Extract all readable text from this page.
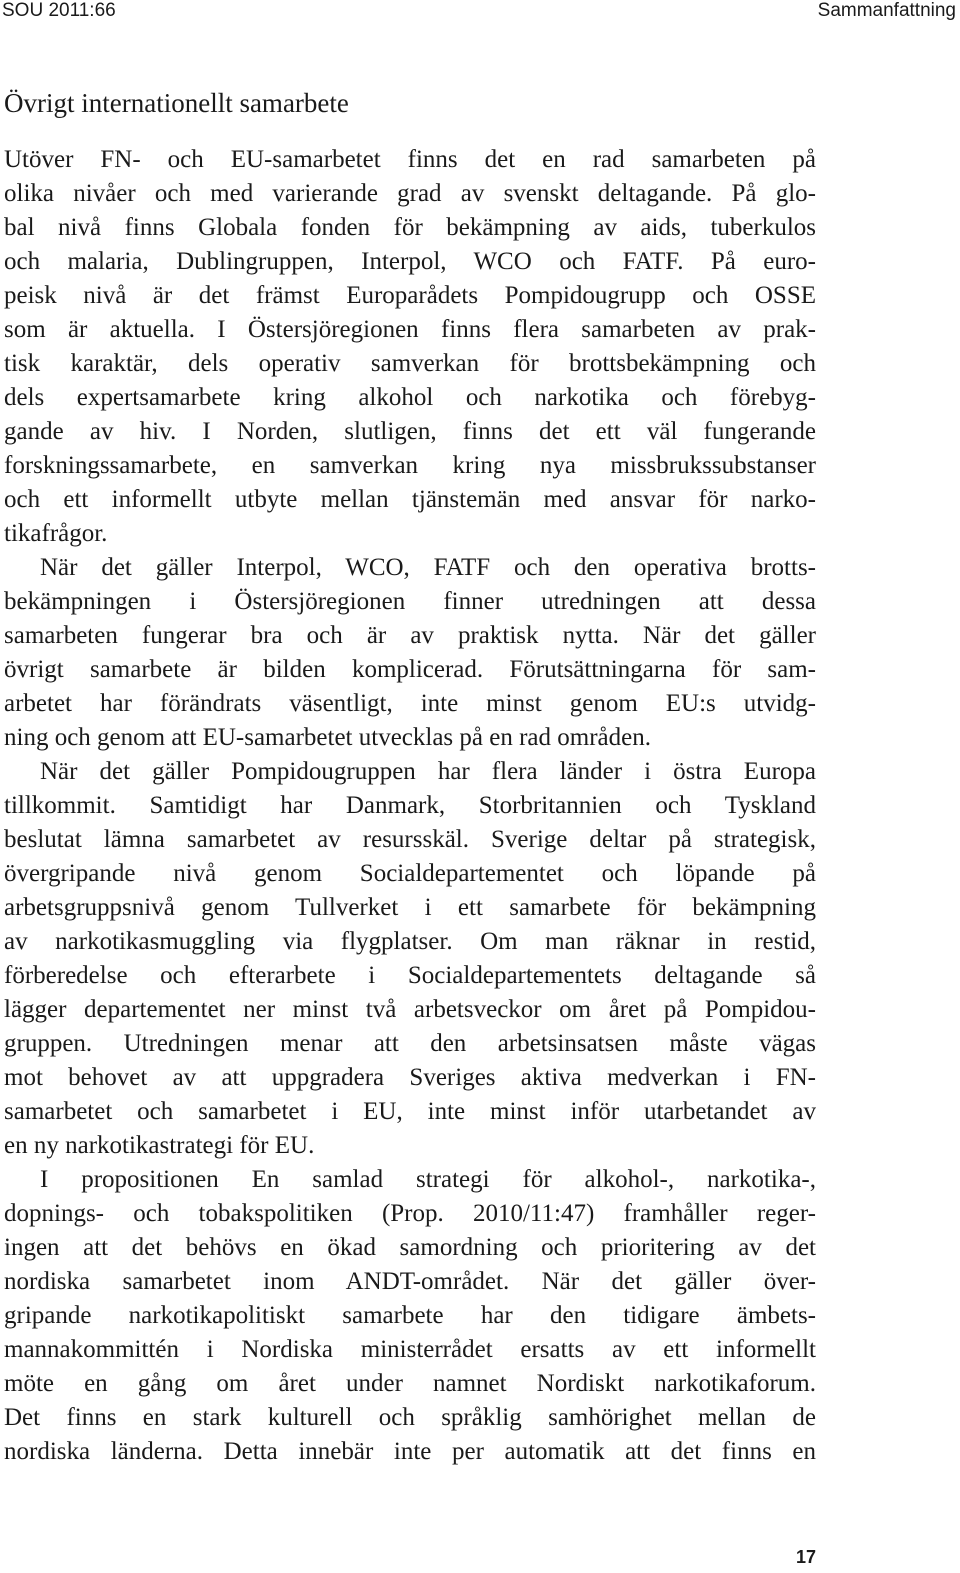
SOU 2011:66	Sammanfattning
Övrigt internationellt samarbete
Utöver FN- och EU-samarbetet finns det en rad samarbeten på
olika nivåer och med varierande grad av svenskt deltagande. På glo-
bal nivå finns Globala fonden för bekämpning av aids, tuberkulos
och malaria, Dublingruppen, Interpol, WCO och FATF. På euro-
peisk nivå är det främst Europarådets Pompidougrupp och OSSE
som är aktuella. I Östersjöregionen finns flera samarbeten av prak-
tisk karaktär, dels operativ samverkan för brottsbekämpning och
dels expertsamarbete kring alkohol och narkotika och förebyg-
gande av hiv. I Norden, slutligen, finns det ett väl fungerande
forskningssamarbete, en samverkan kring nya missbrukssubstanser
och ett informellt utbyte mellan tjänstemän med ansvar för narko-
tikafrågor.
När det gäller Interpol, WCO, FATF och den operativa brotts-
bekämpningen i Östersjöregionen finner utredningen att dessa
samarbeten fungerar bra och är av praktisk nytta. När det gäller
övrigt samarbete är bilden komplicerad. Förutsättningarna för sam-
arbetet har förändrats väsentligt, inte minst genom EU:s utvidg-
ning och genom att EU-samarbetet utvecklas på en rad områden.
När det gäller Pompidougruppen har flera länder i östra Europa
tillkommit. Samtidigt har Danmark, Storbritannien och Tyskland
beslutat lämna samarbetet av resursskäl. Sverige deltar på strategisk,
övergripande nivå genom Socialdepartementet och löpande på
arbetsgruppsnivå genom Tullverket i ett samarbete för bekämpning
av narkotikasmuggling via flygplatser. Om man räknar in restid,
förberedelse och efterarbete i Socialdepartementets deltagande så
lägger departementet ner minst två arbetsveckor om året på Pompidou-
gruppen. Utredningen menar att den arbetsinsatsen måste vägas
mot behovet av att uppgradera Sveriges aktiva medverkan i FN-
samarbetet och samarbetet i EU, inte minst inför utarbetandet av
en ny narkotikastrategi för EU.
I propositionen En samlad strategi för alkohol-, narkotika-,
dopnings- och tobakspolitiken (Prop. 2010/11:47) framhåller reger-
ingen att det behövs en ökad samordning och prioritering av det
nordiska samarbetet inom ANDT-området. När det gäller över-
gripande narkotikapolitiskt samarbete har den tidigare ämbets-
mannakommittén i Nordiska ministerrådet ersatts av ett informellt
möte en gång om året under namnet Nordiskt narkotikaforum.
Det finns en stark kulturell och språklig samhörighet mellan de
nordiska länderna. Detta innebär inte per automatik att det finns en
17
